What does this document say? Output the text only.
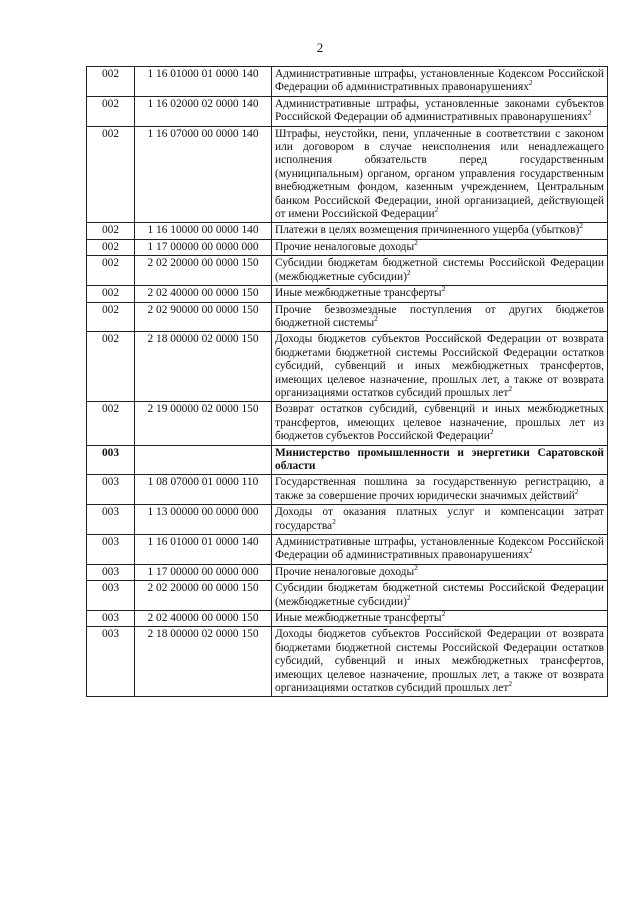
2
002	1 16 01000 01 0000 140	Административные штрафы, установленные Кодексом Российской Федерации об административных правонарушениях$^2$
002	1 16 02000 02 0000 140	Административные штрафы, установленные законами субъектов Российской Федерации об административных правонарушениях$^2$
002	1 16 07000 00 0000 140	Штрафы, неустойки, пени, уплаченные в соответствии с законом или договором в случае неисполнения или ненадлежащего исполнения обязательств перед государственным (муниципальным) органом, органом управления государственным внебюджетным фондом, казенным учреждением, Центральным банком Российской Федерации, иной организацией, действующей от имени Российской Федерации$^2$
002	1 16 10000 00 0000 140	Платежи в целях возмещения причиненного ущерба (убытков)$^2$
002	1 17 00000 00 0000 000	Прочие неналоговые доходы$^2$
002	2 02 20000 00 0000 150	Субсидии бюджетам бюджетной системы Российской Федерации (межбюджетные субсидии)$^2$
002	2 02 40000 00 0000 150	Иные межбюджетные трансферты$^2$
002	2 02 90000 00 0000 150	Прочие безвозмездные поступления от других бюджетов бюджетной системы$^2$
002	2 18 00000 02 0000 150	Доходы бюджетов субъектов Российской Федерации от возврата бюджетами бюджетной системы Российской Федерации остатков субсидий, субвенций и иных межбюджетных трансфертов, имеющих целевое назначение, прошлых лет, а также от возврата организациями остатков субсидий прошлых лет$^2$
002	2 19 00000 02 0000 150	Возврат остатков субсидий, субвенций и иных межбюджетных трансфертов, имеющих целевое назначение, прошлых лет из бюджетов субъектов Российской Федерации$^2$
003		Министерство промышленности и энергетики Саратовской области
003	1 08 07000 01 0000 110	Государственная пошлина за государственную регистрацию, а также за совершение прочих юридически значимых действий$^2$
003	1 13 00000 00 0000 000	Доходы от оказания платных услуг и компенсации затрат государства$^2$
003	1 16 01000 01 0000 140	Административные штрафы, установленные Кодексом Российской Федерации об административных правонарушениях$^2$
003	1 17 00000 00 0000 000	Прочие неналоговые доходы$^2$
003	2 02 20000 00 0000 150	Субсидии бюджетам бюджетной системы Российской Федерации (межбюджетные субсидии)$^2$
003	2 02 40000 00 0000 150	Иные межбюджетные трансферты$^2$
003	2 18 00000 02 0000 150	Доходы бюджетов субъектов Российской Федерации от возврата бюджетами бюджетной системы Российской Федерации остатков субсидий, субвенций и иных межбюджетных трансфертов, имеющих целевое назначение, прошлых лет, а также от возврата организациями остатков субсидий прошлых лет$^2$
